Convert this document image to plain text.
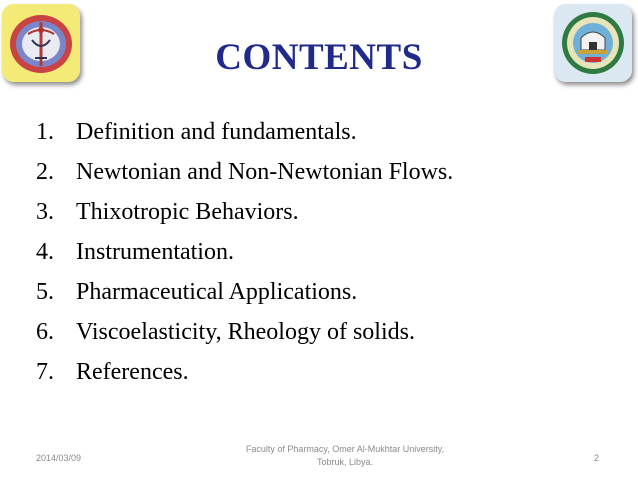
CONTENTS
1. Definition and fundamentals.
2. Newtonian and Non-Newtonian Flows.
3. Thixotropic Behaviors.
4. Instrumentation.
5. Pharmaceutical Applications.
6. Viscoelasticity, Rheology of solids.
7. References.
2014/03/09
Faculty of Pharmacy, Omer Al-Mukhtar University,
Tobruk, Libya.	2
